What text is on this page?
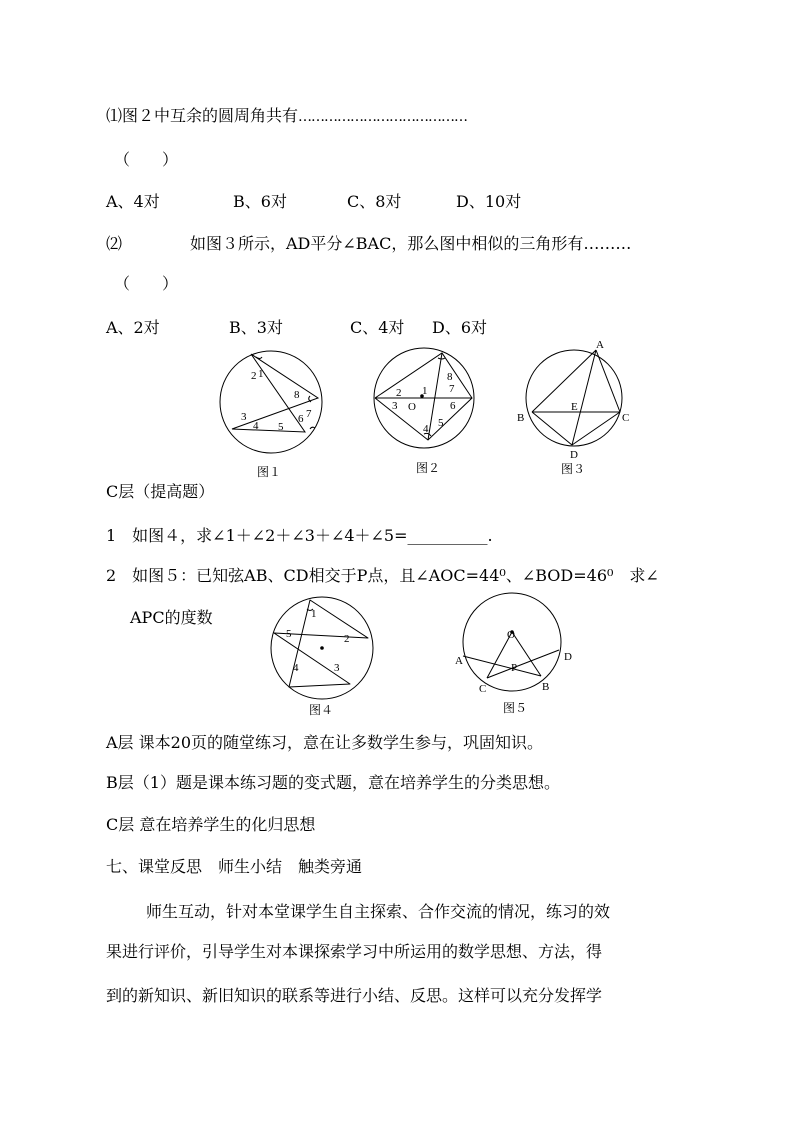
⑴图２中互余的圆周角共有…………………………………
（　　）
A、4对	B、6对	C、8对	D、10对
⑵	如图３所示，AD平分∠BAC，那么图中相似的三角形有………
（　　）
A、2对	B、3对	C、4对 D、6对
1
2
3
4 5
6 7
8
图１
1
2
3
4 5
6
7
8
O
图２
A
B	C
D
E
图３
C层（提高题）
1　如图４，求∠1＋∠2＋∠3＋∠4＋∠5=__________.
2　如图５：已知弦AB、CD相交于P点，且∠AOC=44⁰、∠BOD=46⁰　求∠
APC的度数	1
2
3
4
5
图４
O
A	D
P
C	B
图５
A层 课本20页的随堂练习，意在让多数学生参与，巩固知识。
B层（1）题是课本练习题的变式题，意在培养学生的分类思想。
C层 意在培养学生的化归思想
七、课堂反思　师生小结　触类旁通
师生互动，针对本堂课学生自主探索、合作交流的情况，练习的效
果进行评价，引导学生对本课探索学习中所运用的数学思想、方法，得
到的新知识、新旧知识的联系等进行小结、反思。这样可以充分发挥学
